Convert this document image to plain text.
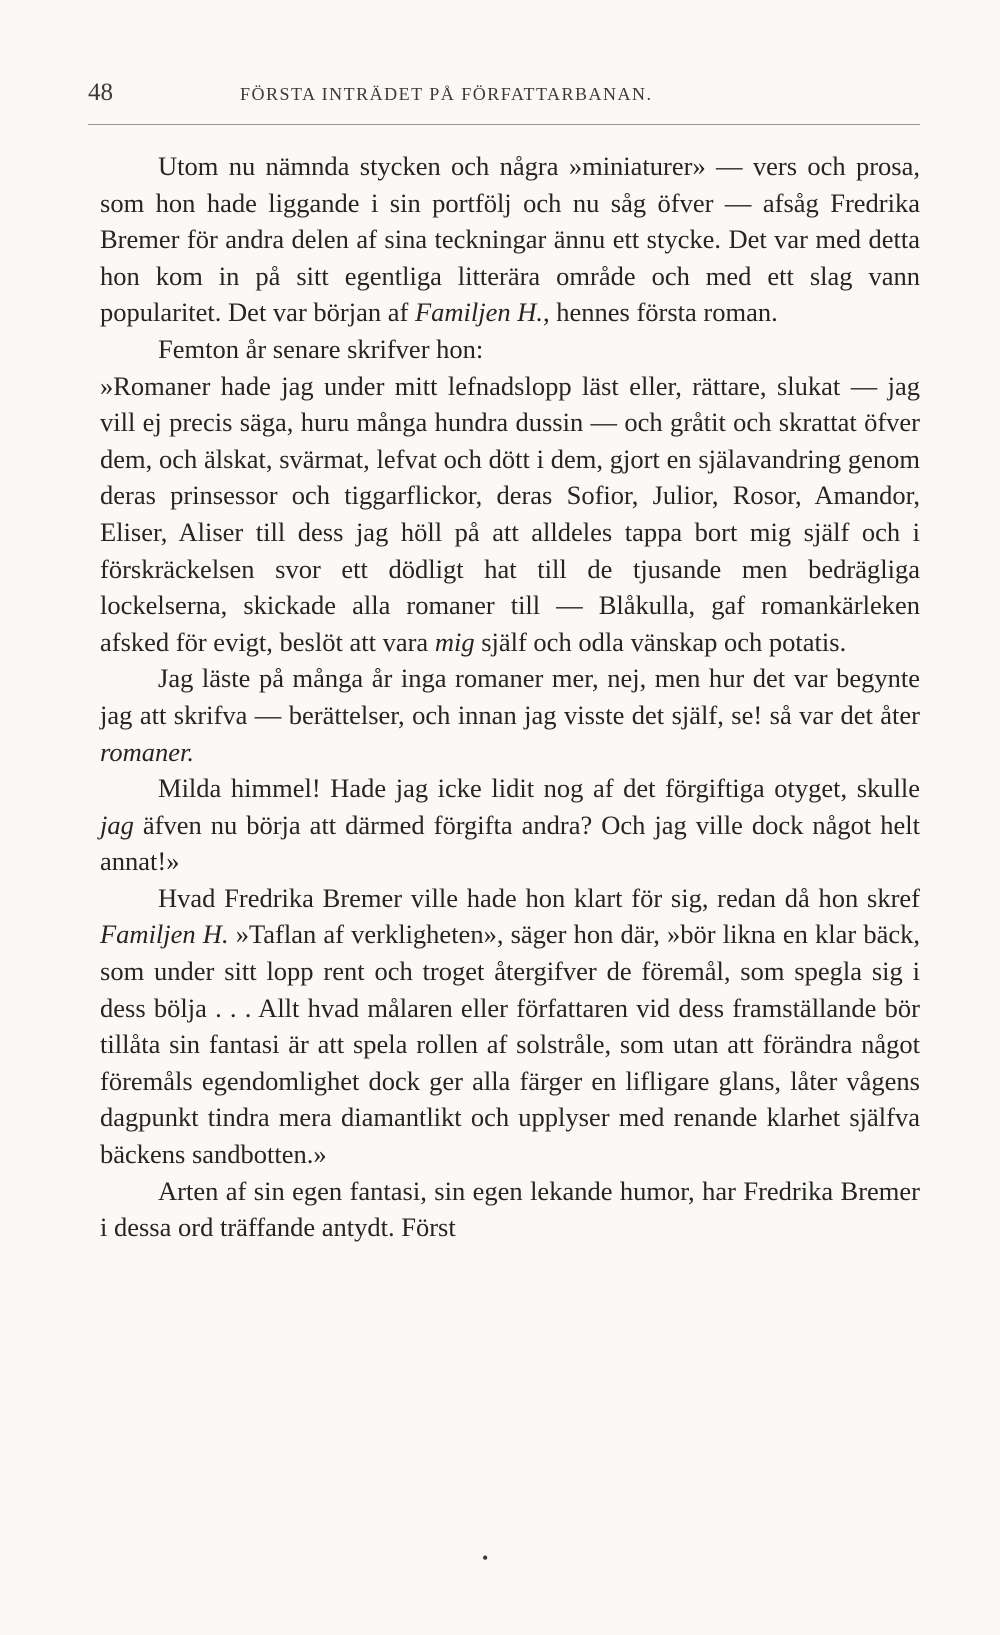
48	FÖRSTA INTRÄDET PÅ FÖRFATTARBANAN.

Utom nu nämnda stycken och några »miniaturer» — vers och prosa, som hon hade liggande i sin portfölj och nu såg öfver — afsåg Fredrika Bremer för andra delen af sina teckningar ännu ett stycke. Det var med detta hon kom in på sitt egentliga litterära område och med ett slag vann popularitet. Det var början af Familjen H., hennes första roman.

Femton år senare skrifver hon:

»Romaner hade jag under mitt lefnadslopp läst eller, rättare, slukat — jag vill ej precis säga, huru många hundra dussin — och gråtit och skrattat öfver dem, och älskat, svärmat, lefvat och dött i dem, gjort en själavandring genom deras prinsessor och tiggarflickor, deras Sofior, Julior, Rosor, Amandor, Eliser, Aliser till dess jag höll på att alldeles tappa bort mig själf och i förskräckelsen svor ett dödligt hat till de tjusande men bedrägliga lockelserna, skickade alla romaner till — Blåkulla, gaf romankärleken afsked för evigt, beslöt att vara mig själf och odla vänskap och potatis.

Jag läste på många år inga romaner mer, nej, men hur det var begynte jag att skrifva — berättelser, och innan jag visste det själf, se! så var det åter romaner.

Milda himmel! Hade jag icke lidit nog af det förgiftiga otyget, skulle jag äfven nu börja att därmed förgifta andra? Och jag ville dock något helt annat!»

Hvad Fredrika Bremer ville hade hon klart för sig, redan då hon skref Familjen H. »Taflan af verkligheten», säger hon där, »bör likna en klar bäck, som under sitt lopp rent och troget återgifver de föremål, som spegla sig i dess bölja . . . Allt hvad målaren eller författaren vid dess framställande bör tillåta sin fantasi är att spela rollen af solstråle, som utan att förändra något föremåls egendomlighet dock ger alla färger en lifligare glans, låter vågens dagpunkt tindra mera diamantlikt och upplyser med renande klarhet själfva bäckens sandbotten.»

Arten af sin egen fantasi, sin egen lekande humor, har Fredrika Bremer i dessa ord träffande antydt. Först

•
